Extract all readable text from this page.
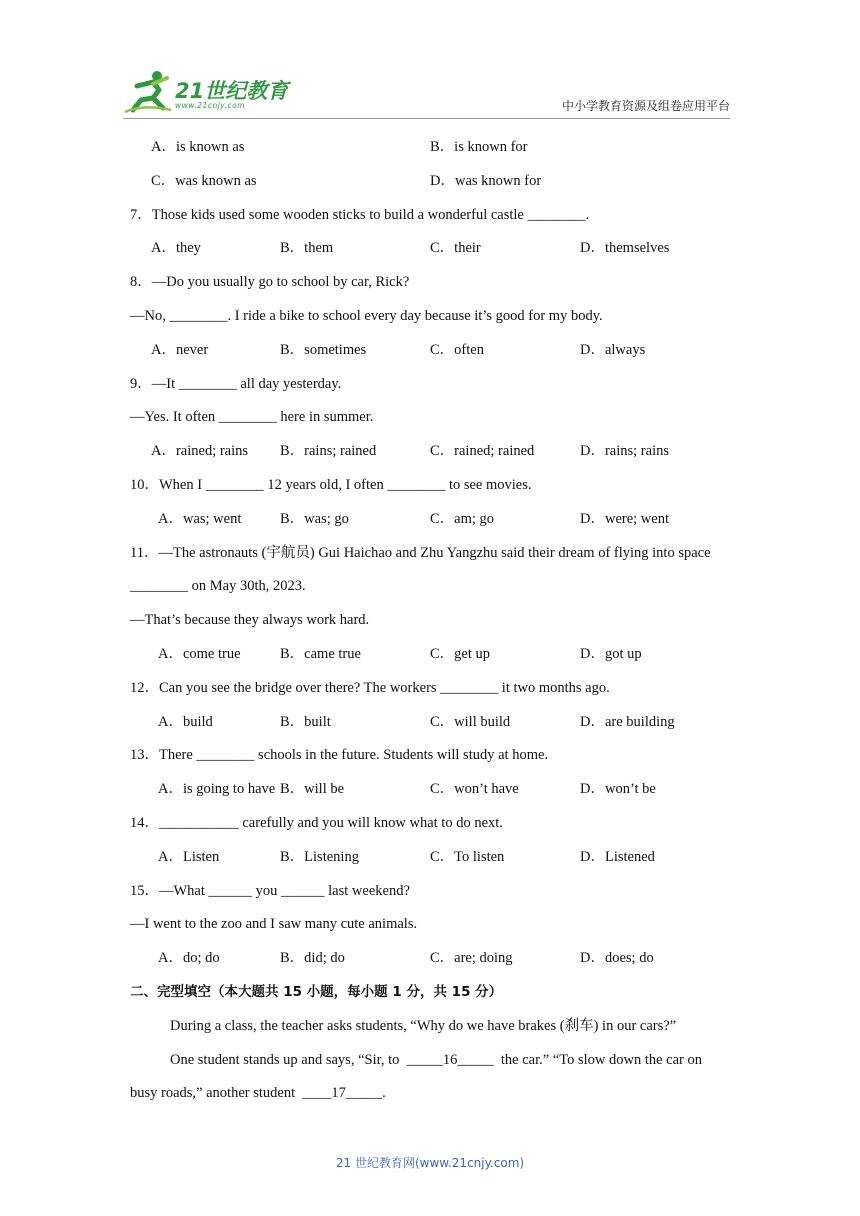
21世纪教育
www.21cnjy.com	中小学教育资源及组卷应用平台
A．is known as	B．is known for
C．was known as	D．was known for
7．Those kids used some wooden sticks to build a wonderful castle ________.
A．they	B．them	C．their	D．themselves
8．—Do you usually go to school by car, Rick?
—No, ________. I ride a bike to school every day because it’s good for my body.
A．never	B．sometimes	C．often	D．always
9．—It ________ all day yesterday.
—Yes. It often ________ here in summer.
A．rained; rains B．rains; rained	C．rained; rained	D．rains; rains
10．When I ________ 12 years old, I often ________ to see movies.
A．was; went	B．was; go	C．am; go	D．were; went
11．—The astronauts (宇航员) Gui Haichao and Zhu Yangzhu said their dream of flying into space
________ on May 30th, 2023.
—That’s because they always work hard.
A．come true	B．came true	C．get up	D．got up
12．Can you see the bridge over there? The workers ________ it two months ago.
A．build	B．built	C．will build	D．are building
13．There ________ schools in the future. Students will study at home.
A．is going to have B．will be	C．won’t have	D．won’t be
14．___________ carefully and you will know what to do next.
A．Listen	B．Listening	C．To listen	D．Listened
15．—What ______ you ______ last weekend?
—I went to the zoo and I saw many cute animals.
A．do; do	B．did; do	C．are; doing	D．does; do
二、完型填空（本大题共 15 小题，每小题 1 分，共 15 分）
During a class, the teacher asks students, “Why do we have brakes (刹车) in our cars?”
One student stands up and says, “Sir, to _____16_____ the car.” “To slow down the car on
busy roads,” another student ____17_____.
21 世纪教育网(www.21cnjy.com)
